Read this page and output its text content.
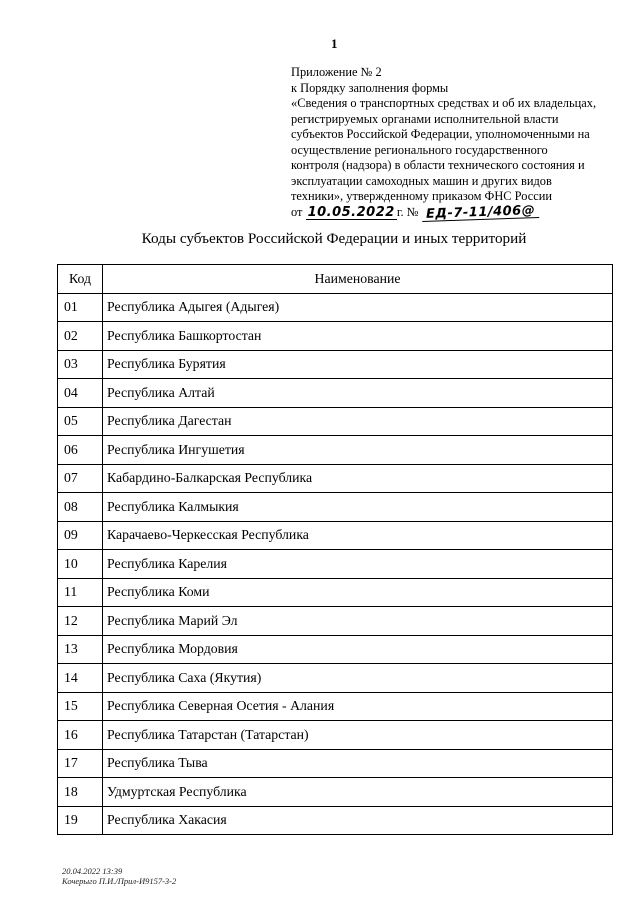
1
Приложение № 2
к Порядку заполнения формы
«Сведения о транспортных средствах и об их владельцах,
регистрируемых органами исполнительной власти
субъектов Российской Федерации, уполномоченными на
осуществление регионального государственного
контроля (надзора) в области технического состояния и
эксплуатации самоходных машин и других видов
техники», утвержденному приказом ФНС России
от 10.05.2022 г. № ЕД-7-11/406@
Коды субъектов Российской Федерации и иных территорий
Код	Наименование
01	Республика Адыгея (Адыгея)
02	Республика Башкортостан
03	Республика Бурятия
04	Республика Алтай
05	Республика Дагестан
06	Республика Ингушетия
07	Кабардино-Балкарская Республика
08	Республика Калмыкия
09	Карачаево-Черкесская Республика
10	Республика Карелия
11	Республика Коми
12	Республика Марий Эл
13	Республика Мордовия
14	Республика Саха (Якутия)
15	Республика Северная Осетия - Алания
16	Республика Татарстан (Татарстан)
17	Республика Тыва
18	Удмуртская Республика
19	Республика Хакасия
20.04.2022 13:39
Кочерыго П.И./Прил-И9157-3-2
